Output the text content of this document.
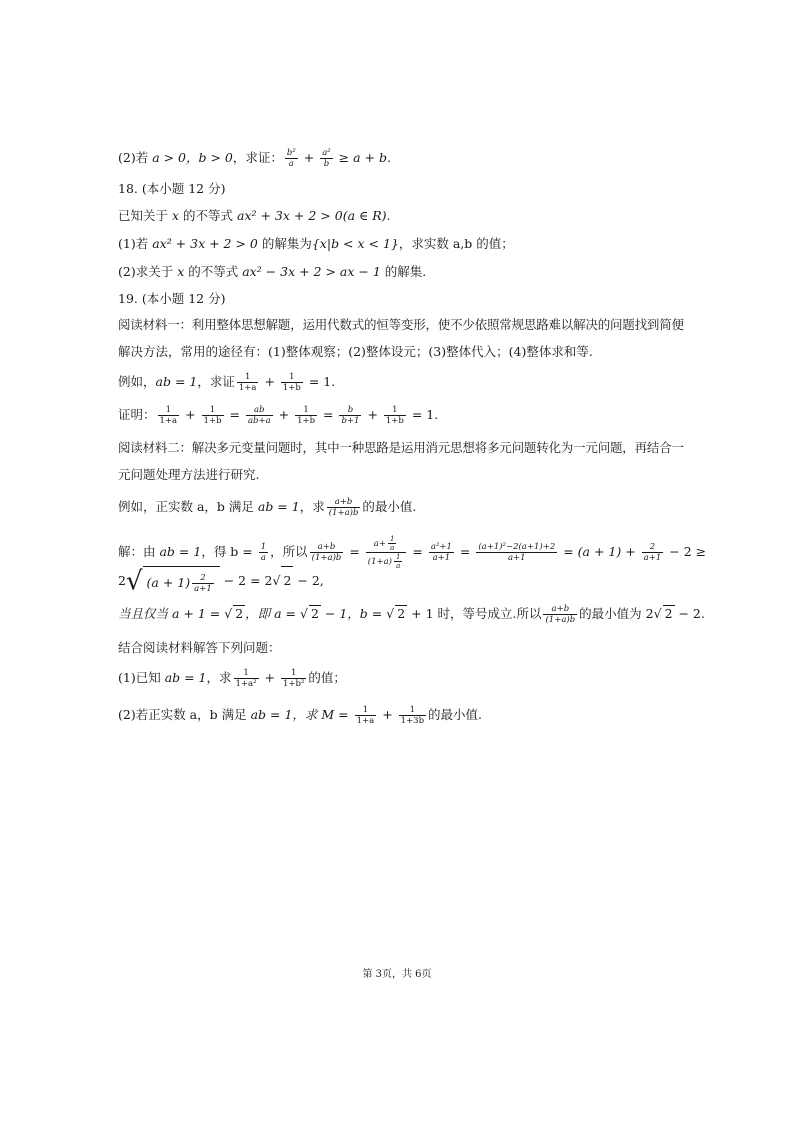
(2)若 a > 0，b > 0，求证： $\frac{\text{b²}}{a} + \frac{\text{a²}}{b} \ge a + b$.
18. (本小题 12 分)
已知关于 x 的不等式 ax² + 3x + 2 > 0(a ∈ R).
(1)若 ax² + 3x + 2 > 0 的解集为{x|b < x < 1}，求实数 a,b 的值；
(2)求关于 x 的不等式 ax² − 3x + 2 > ax − 1 的解集.
19. (本小题 12 分)
阅读材料一：利用整体思想解题，运用代数式的恒等变形，使不少依照常规思路难以解决的问题找到简便
解决方法，常用的途径有：(1)整体观察；(2)整体设元；(3)整体代入；(4)整体求和等.
例如，ab = 1，求证 $\frac{1}{1+a} + \frac{1}{1+b} = 1$.
证明： $\frac{1}{1+a} + \frac{1}{1+b} = \frac{ab}{ab+a} + \frac{1}{1+b} = \frac{b}{b+1} + \frac{1}{1+b} = 1$.
阅读材料二：解决多元变量问题时，其中一种思路是运用消元思想将多元问题转化为一元问题，再结合一
元问题处理方法进行研究.
例如，正实数 a，b 满足 ab = 1，求 $\frac{a+b}{(1+a)b}$ 的最小值.
解：由 ab = 1，得 $b = \frac{1}{a}$ ，所以 $\frac{a+b}{(1+a)b} = \frac{a+ \frac{1}{a}}{(1+a) \frac{1}{a}} = \frac{\text{a²+1}}{a+1} = \frac{\text{(a+1)²−2(a+1)+2}}{a+1} = (a + 1) + \frac{2}{a+1} - 2$ ≥
2√ $(a + 1) \frac{2}{a+1} - 2 = 2√$ 2 − 2,
当且仅当 a + 1 = √ 2 ，即 a = √ 2 − 1，b = √ 2 + 1 时，等号成立.所以 $\frac{a+b}{(1+a)b}$ 的最小值为 2√ 2 − 2.
结合阅读材料解答下列问题：
(1)已知 ab = 1，求 $\frac{1}{\text{1+a²}} + \frac{1}{\text{1+b²}}$ 的值；
(2)若正实数 a，b 满足 ab = 1，求 $M = \frac{1}{1+a} + \frac{1}{1+3b}$ 的最小值.
第 3页，共 6页
